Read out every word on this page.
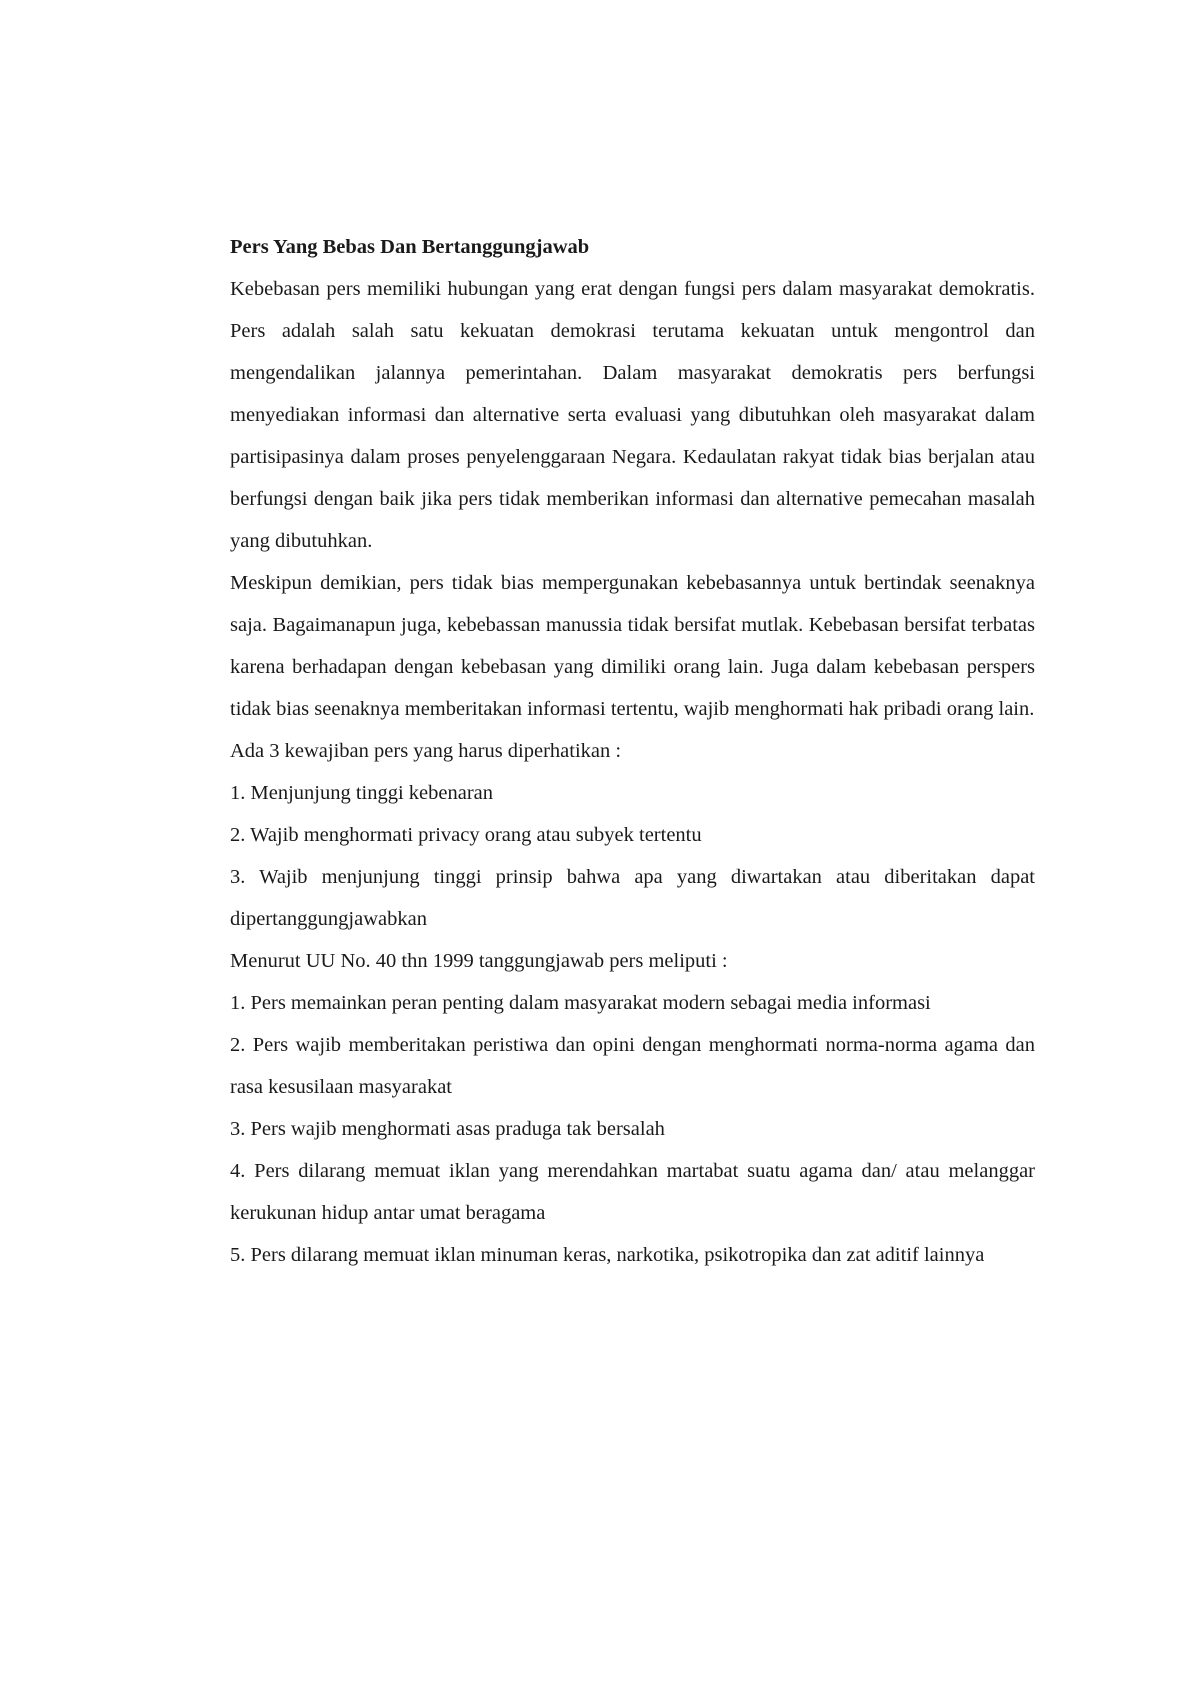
Pers Yang Bebas Dan Bertanggungjawab

Kebebasan pers memiliki hubungan yang erat dengan fungsi pers dalam masyarakat demokratis. Pers adalah salah satu kekuatan demokrasi terutama kekuatan untuk mengontrol dan mengendalikan jalannya pemerintahan. Dalam masyarakat demokratis pers berfungsi menyediakan informasi dan alternative serta evaluasi yang dibutuhkan oleh masyarakat dalam partisipasinya dalam proses penyelenggaraan Negara. Kedaulatan rakyat tidak bias berjalan atau berfungsi dengan baik jika pers tidak memberikan informasi dan alternative pemecahan masalah yang dibutuhkan.

Meskipun demikian, pers tidak bias mempergunakan kebebasannya untuk bertindak seenaknya saja. Bagaimanapun juga, kebebassan manussia tidak bersifat mutlak. Kebebasan bersifat terbatas karena berhadapan dengan kebebasan yang dimiliki orang lain. Juga dalam kebebasan perspers tidak bias seenaknya memberitakan informasi tertentu, wajib menghormati hak pribadi orang lain.

Ada 3 kewajiban pers yang harus diperhatikan :

1. Menjunjung tinggi kebenaran

2. Wajib menghormati privacy orang atau subyek tertentu

3. Wajib menjunjung tinggi prinsip bahwa apa yang diwartakan atau diberitakan dapat dipertanggungjawabkan

Menurut UU No. 40 thn 1999 tanggungjawab pers meliputi :

1. Pers memainkan peran penting dalam masyarakat modern sebagai media informasi

2. Pers wajib memberitakan peristiwa dan opini dengan menghormati norma-norma agama dan rasa kesusilaan masyarakat

3. Pers wajib menghormati asas praduga tak bersalah

4. Pers dilarang memuat iklan yang merendahkan martabat suatu agama dan/ atau melanggar kerukunan hidup antar umat beragama

5. Pers dilarang memuat iklan minuman keras, narkotika, psikotropika dan zat aditif lainnya
